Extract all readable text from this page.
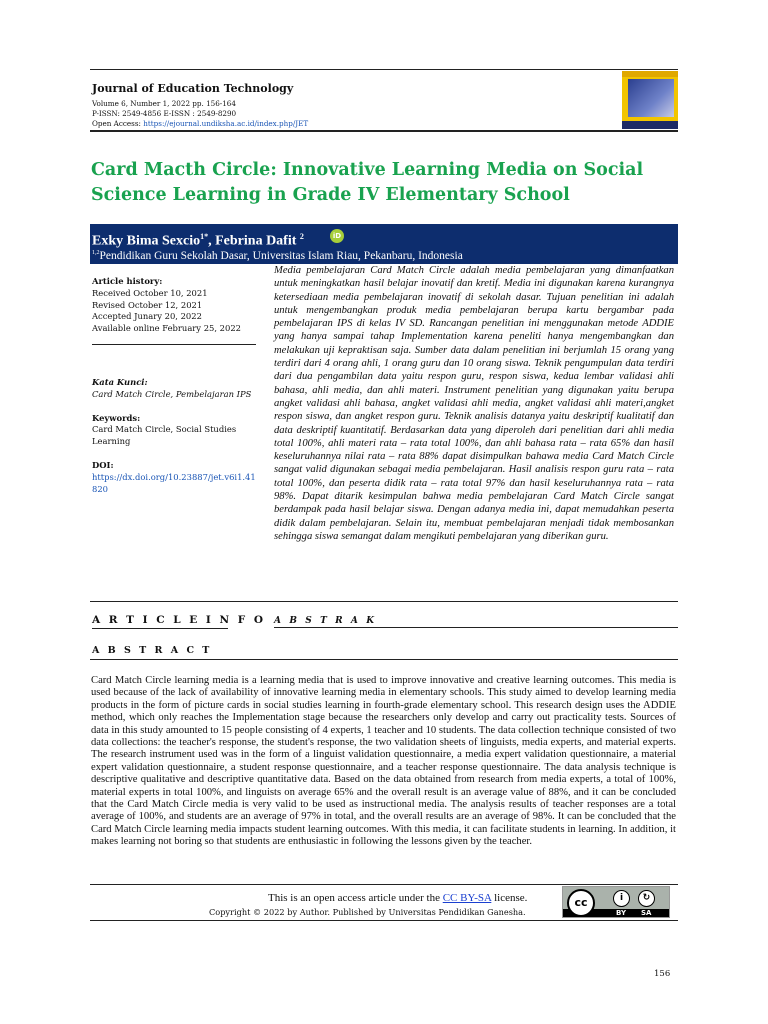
Journal of Education Technology
Volume 6, Number 1, 2022 pp. 156-164
P-ISSN: 2549-4856 E-ISSN : 2549-8290
Open Access: https://ejournal.undiksha.ac.id/index.php/JET
Card Macth Circle: Innovative Learning Media on Social Science Learning in Grade IV Elementary School
Exky Bima Sexcio$^{1*}$, Febrina Dafit $^2$	iD
$^{1,2}$Pendidikan Guru Sekolah Dasar, Universitas Islam Riau, Pekanbaru, Indonesia
Article history:
Received October 10, 2021
Revised October 12, 2021
Accepted Junary 20, 2022
Available online February 25, 2022
Kata Kunci:
Card Match Circle, Pembelajaran IPS
Keywords:
Card Match Circle, Social Studies Learning
DOI:
https://dx.doi.org/10.23887/jet.v6i1.41820
Media pembelajaran Card Match Circle adalah media pembelajaran yang dimanfaatkan untuk meningkatkan hasil belajar inovatif dan kretif. Media ini digunakan karena kurangnya ketersediaan media pembelajaran inovatif di sekolah dasar. Tujuan penelitian ini adalah untuk mengembangkan produk media pembelajaran berupa kartu bergambar pada pembelajaran IPS di kelas IV SD. Rancangan penelitian ini menggunakan metode ADDIE yang hanya sampai tahap Implementation karena peneliti hanya mengembangkan dan melakukan uji kepraktisan saja. Sumber data dalam penelitian ini berjumlah 15 orang yang terdiri dari 4 orang ahli, 1 orang guru dan 10 orang siswa. Teknik pengumpulan data terdiri dari dua pengambilan data yaitu respon guru, respon siswa, kedua lembar validasi ahli bahasa, ahli media, dan ahli materi. Instrument penelitian yang digunakan yaitu berupa angket validasi ahli bahasa, angket validasi ahli media, angket validasi ahli materi,angket respon siswa, dan angket respon guru. Teknik analisis datanya yaitu deskriptif kualitatif dan data deskriptif kuantitatif. Berdasarkan data yang diperoleh dari penelitian dari ahli media total 100%, ahli materi rata – rata total 100%, dan ahli bahasa rata – rata 65% dan hasil keseluruhannya nilai rata – rata 88% dapat disimpulkan bahawa media Card Match Circle sangat valid digunakan sebagai media pembelajaran. Hasil analisis respon guru rata – rata total 100%, dan peserta didik rata – rata total 97% dan hasil keseluruhannya rata – rata 98%. Dapat ditarik kesimpulan bahwa media pembelajaran Card Match Circle sangat berdampak pada hasil belajar siswa. Dengan adanya media ini, dapat memudahkan peserta didik dalam pembelajaran. Selain itu, membuat pembelajaran menjadi tidak membosankan sehingga siswa semangat dalam mengikuti pembelajaran yang diberikan guru.
A R T I C L E I N F O A B S T R A K
A B S T R A C T
Card Match Circle learning media is a learning media that is used to improve innovative and creative learning outcomes. This media is used because of the lack of availability of innovative learning media in elementary schools. This study aimed to develop learning media products in the form of picture cards in social studies learning in fourth-grade elementary school. This research design uses the ADDIE method, which only reaches the Implementation stage because the researchers only develop and carry out practicality tests. Sources of data in this study amounted to 15 people consisting of 4 experts, 1 teacher and 10 students. The data collection technique consisted of two data collections: the teacher's response, the student's response, the two validation sheets of linguists, media experts, and material experts. The research instrument used was in the form of a linguist validation questionnaire, a media expert validation questionnaire, a material expert validation questionnaire, a student response questionnaire, and a teacher response questionnaire. The data analysis technique is descriptive qualitative and descriptive quantitative data. Based on the data obtained from research from media experts, a total of 100%, material experts in total 100%, and linguists on average 65% and the overall result is an average value of 88%, and it can be concluded that the Card Match Circle media is very valid to be used as instructional media. The analysis results of teacher responses are a total average of 100%, and students are an average of 97% in total, and the overall results are an average of 98%. It can be concluded that the Card Match Circle learning media impacts student learning outcomes. With this media, it can facilitate students in learning. In addition, it makes learning not boring so that students are enthusiastic in following the lessons given by the teacher.
This is an open access article under the CC BY-SA license.
Copyright © 2022 by Author. Published by Universitas Pendidikan Ganesha.
cc	i	↻
BY SA
156
